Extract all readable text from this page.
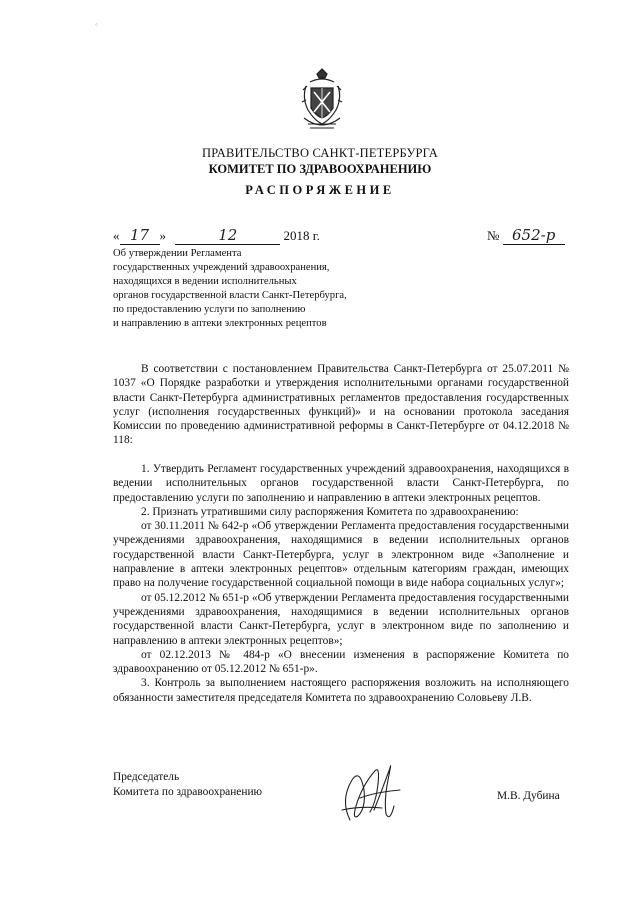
⁘
ПРАВИТЕЛЬСТВО САНКТ-ПЕТЕРБУРГА
КОМИТЕТ ПО ЗДРАВООХРАНЕНИЮ
РАСПОРЯЖЕНИЕ
« 17 »	12	2018 г.	№ 652-р
Об утверждении Регламента
государственных учреждений здравоохранения,
находящихся в ведении исполнительных
органов государственной власти Санкт-Петербурга,
по предоставлению услуги по заполнению
и направлению в аптеки электронных рецептов

В соответствии с постановлением Правительства Санкт-Петербурга от 25.07.2011 № 1037 «О Порядке разработки и утверждения исполнительными органами государственной власти Санкт-Петербурга административных регламентов предоставления государственных услуг (исполнения государственных функций)» и на основании протокола заседания Комиссии по проведению административной реформы в Санкт-Петербурге от 04.12.2018 № 118:

1. Утвердить Регламент государственных учреждений здравоохранения, находящихся в ведении исполнительных органов государственной власти Санкт-Петербурга, по предоставлению услуги по заполнению и направлению в аптеки электронных рецептов.

2. Признать утратившими силу распоряжения Комитета по здравоохранению:

от 30.11.2011 № 642-р «Об утверждении Регламента предоставления государственными учреждениями здравоохранения, находящимися в ведении исполнительных органов государственной власти Санкт-Петербурга, услуг в электронном виде «Заполнение и направление в аптеки электронных рецептов» отдельным категориям граждан, имеющих право на получение государственной социальной помощи в виде набора социальных услуг»;

от 05.12.2012 № 651-р «Об утверждении Регламента предоставления государственными учреждениями здравоохранения, находящимися в ведении исполнительных органов государственной власти Санкт-Петербурга, услуг в электронном виде по заполнению и направлению в аптеки электронных рецептов»;

от 02.12.2013 № 484-р «О внесении изменения в распоряжение Комитета по здравоохранению от 05.12.2012 № 651-р».

3. Контроль за выполнением настоящего распоряжения возложить на исполняющего обязанности заместителя председателя Комитета по здравоохранению Соловьеву Л.В.

Председатель
Комитета по здравоохранению	М.В. Дубина
